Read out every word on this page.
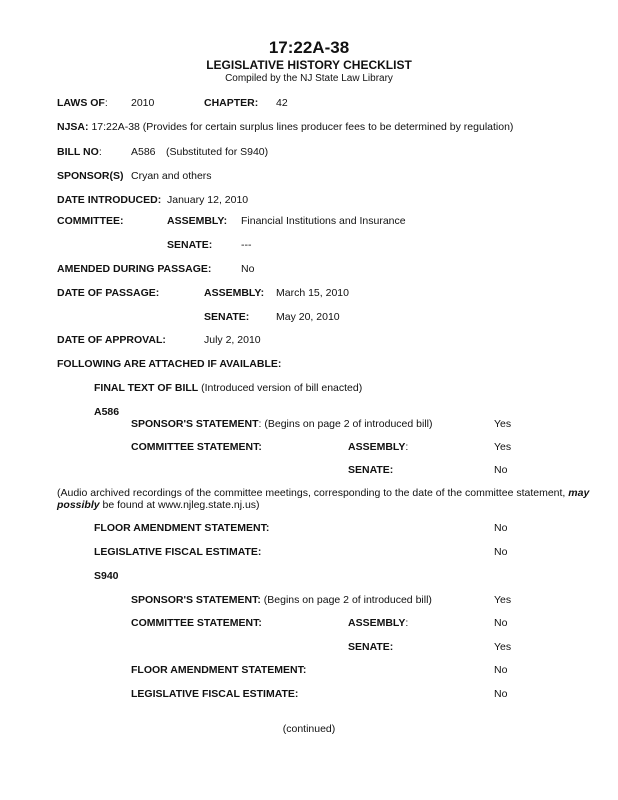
17:22A-38
LEGISLATIVE HISTORY CHECKLIST
Compiled by the NJ State Law Library
LAWS OF: 2010	CHAPTER: 42
NJSA: 17:22A-38 (Provides for certain surplus lines producer fees to be determined by regulation)
BILL NO:	A586 (Substituted for S940)
SPONSOR(S) Cryan and others
DATE INTRODUCED: January 12, 2010
COMMITTEE:	ASSEMBLY: Financial Institutions and Insurance
SENATE:	---
AMENDED DURING PASSAGE:	No
DATE OF PASSAGE:	ASSEMBLY: March 15, 2010
SENATE:	May 20, 2010
DATE OF APPROVAL:	July 2, 2010
FOLLOWING ARE ATTACHED IF AVAILABLE:
FINAL TEXT OF BILL (Introduced version of bill enacted)
A586
SPONSOR'S STATEMENT: (Begins on page 2 of introduced bill)	Yes
COMMITTEE STATEMENT:	ASSEMBLY:	Yes
SENATE:	No
(Audio archived recordings of the committee meetings, corresponding to the date of the committee statement, may possibly be found at www.njleg.state.nj.us)
FLOOR AMENDMENT STATEMENT:	No
LEGISLATIVE FISCAL ESTIMATE:	No
S940
SPONSOR'S STATEMENT: (Begins on page 2 of introduced bill)	Yes
COMMITTEE STATEMENT:	ASSEMBLY:	No
SENATE:	Yes
FLOOR AMENDMENT STATEMENT:	No
LEGISLATIVE FISCAL ESTIMATE:	No
(continued)
